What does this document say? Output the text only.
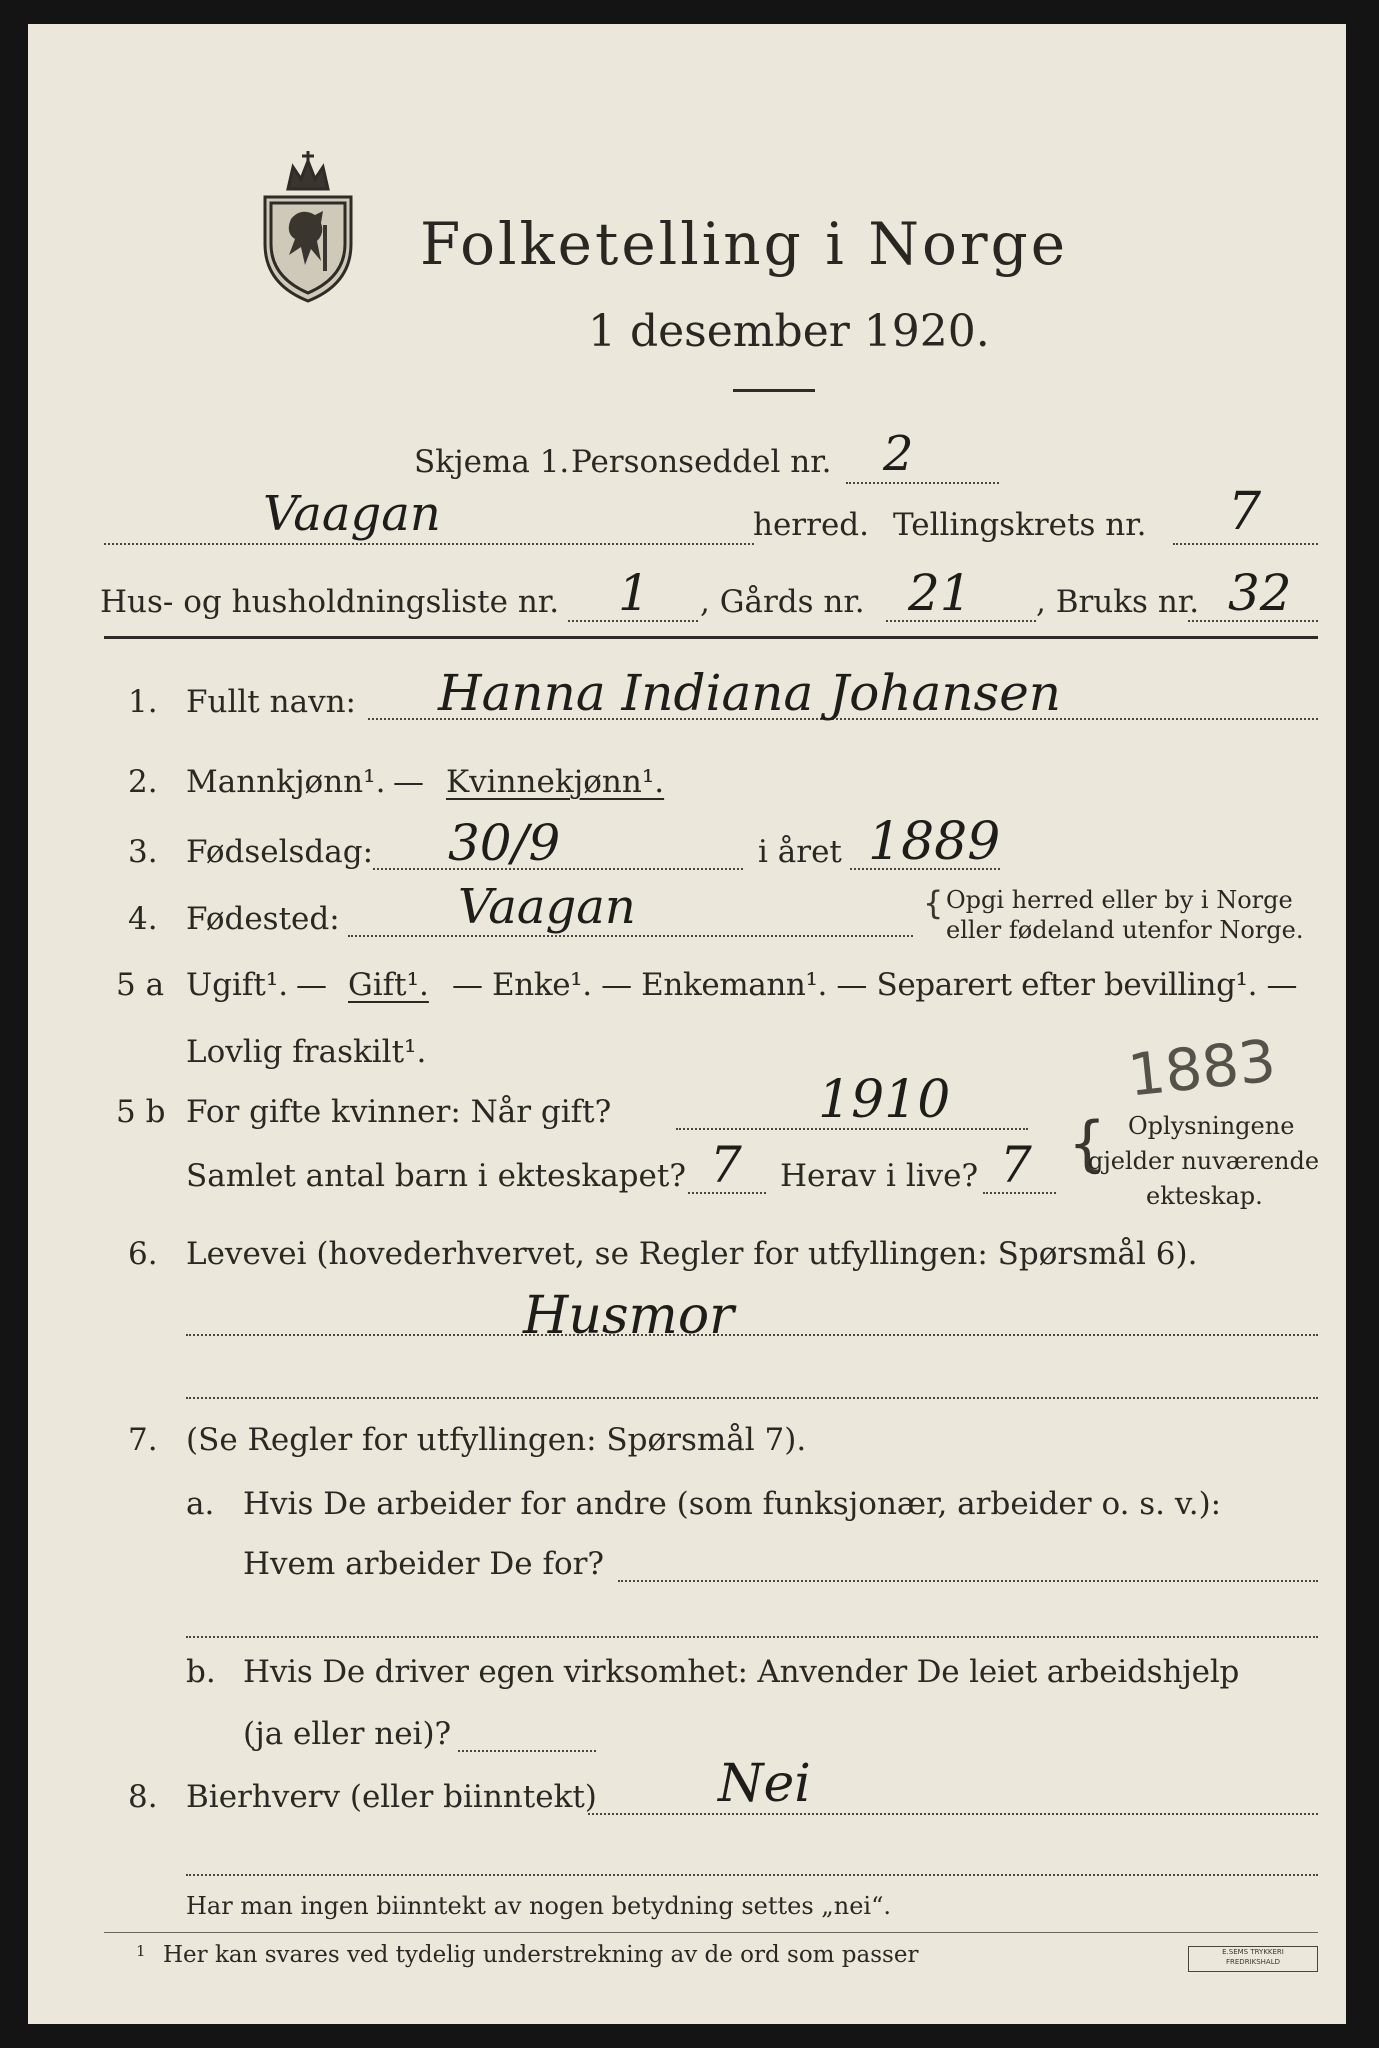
Folketelling i Norge
1 desember 1920.
Skjema 1. Personseddel nr. 2
Vaagan	herred. Tellingskrets nr. 7
Hus- og husholdningsliste nr. 1 , Gårds nr. 21 , Bruks nr. 32
1. Fullt navn: Hanna Indiana Johansen
2. Mannkjønn¹. — Kvinnekjønn¹.
3. Fødselsdag: 30/9	i året 1889
4. Fødested: Vaagan	{ Opgi herred eller by i Norge
eller fødeland utenfor Norge.
5 a Ugift¹. — Gift¹. — Enke¹. — Enkemann¹. — Separert efter bevilling¹. —
Lovlig fraskilt¹.	1883
5 b For gifte kvinner: Når gift?	1910
Samlet antal barn i ekteskapet? 7 Herav i live? 7 { Oplysningene
gjelder nuværende
ekteskap.
6. Levevei (hovederhvervet, se Regler for utfyllingen: Spørsmål 6).
Husmor
7. (Se Regler for utfyllingen: Spørsmål 7).
a. Hvis De arbeider for andre (som funksjonær, arbeider o. s. v.):
Hvem arbeider De for?
b. Hvis De driver egen virksomhet: Anvender De leiet arbeidshjelp
(ja eller nei)?
8. Bierhverv (eller biinntekt) Nei
Har man ingen biinntekt av nogen betydning settes „nei“.
1 Her kan svares ved tydelig understrekning av de ord som passer	E.SEMS TRYKKERI
FREDRIKSHALD
